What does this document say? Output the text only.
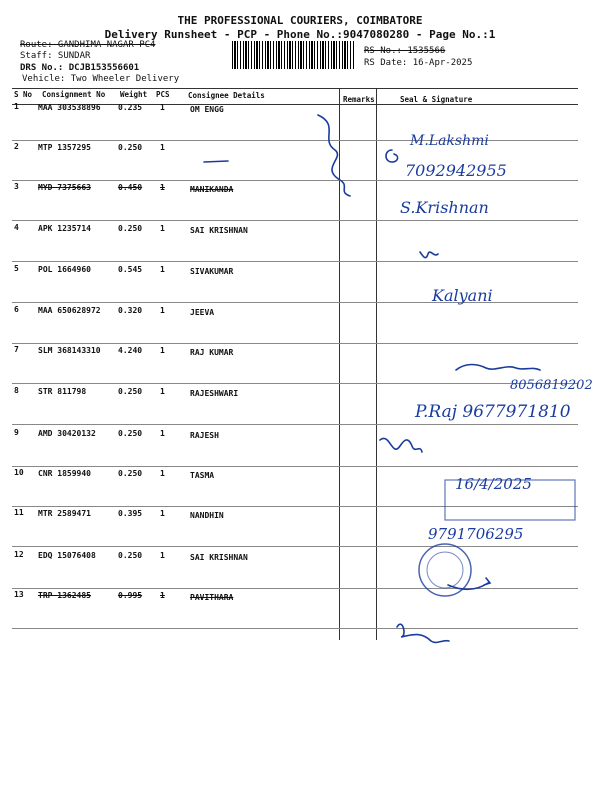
THE PROFESSIONAL COURIERS, COIMBATORE
Delivery Runsheet - PCP - Phone No.:9047080280 - Page No.:1
Route: GANDHIMA NAGAR PC4
Staff: SUNDAR
DRS No.: DCJB153556601
Vehicle: Two Wheeler Delivery
RS No.: 1535566
RS Date: 16-Apr-2025
S No Consignment No Weight PCS Consignee Details	Remarks	Seal & Signature
1 MAA 303538896 0.235 1	OM ENGG
2 MTP 1357295	0.250 1
3 MYD 7375663	0.450 1	MANIKANDA
4 APK 1235714	0.250 1	SAI KRISHNAN
5 POL 1664960	0.545 1	SIVAKUMAR
6 MAA 650628972 0.320 1	JEEVA
7 SLM 368143310 4.240 1	RAJ KUMAR
8 STR 811798	0.250 1	RAJESHWARI
9 AMD 30420132	0.250 1	RAJESH
10 CNR 1859940	0.250 1	TASMA
11 MTR 2589471	0.395 1	NANDHIN
12 EDQ 15076408	0.250 1	SAI KRISHNAN
13 TRP 1362485	0.995 1	PAVITHARA
M.Lakshmi
7092942955
S.Krishnan
Kalyani
8056819202
P.Raj 9677971810
16/4/2025
9791706295
